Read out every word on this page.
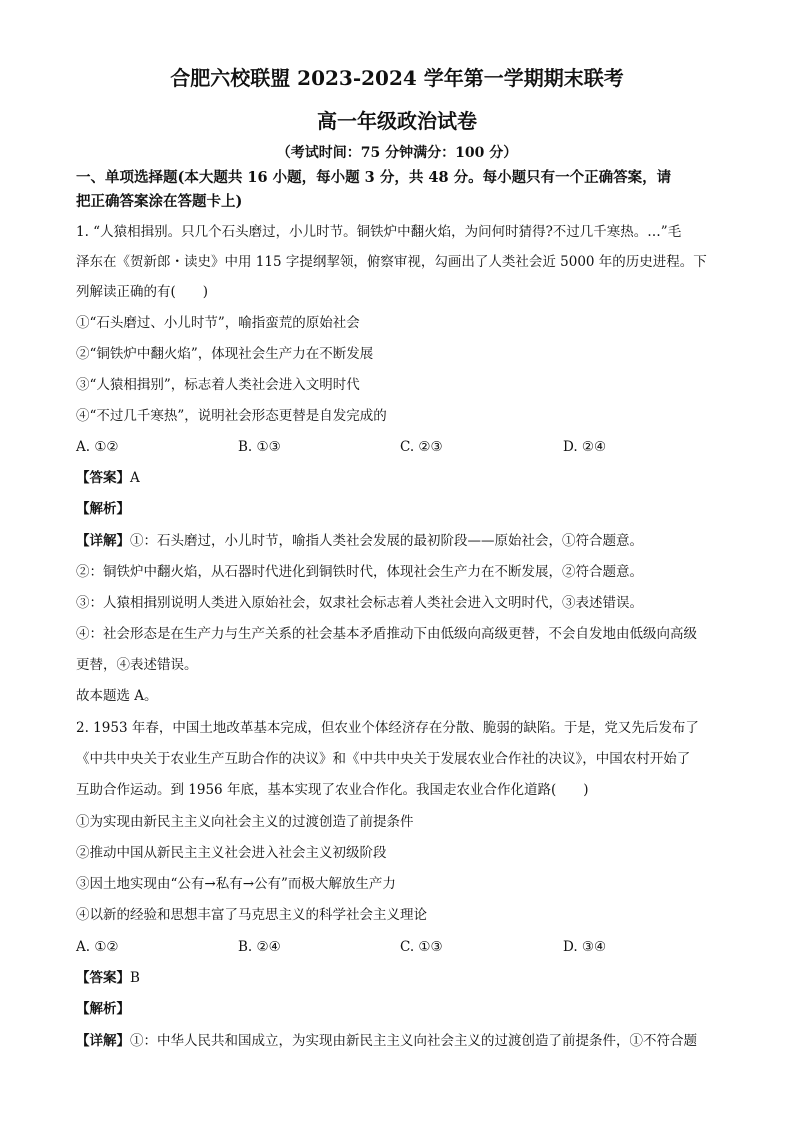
合肥六校联盟 2023-2024 学年第一学期期末联考
高一年级政治试卷
（考试时间：75 分钟满分：100 分）
一、单项选择题(本大题共 16 小题，每小题 3 分，共 48 分。每小题只有一个正确答案，请
把正确答案涂在答题卡上)
1. “人猿相揖别。只几个石头磨过，小儿时节。铜铁炉中翻火焰，为问何时猜得?不过几千寒热。…”毛
泽东在《贺新郎・读史》中用 115 字提纲挈领，俯察审视，勾画出了人类社会近 5000 年的历史进程。下
列解读正确的有(　　)
①“石头磨过、小儿时节”，喻指蛮荒的原始社会
②“铜铁炉中翻火焰”，体现社会生产力在不断发展
③“人猿相揖别”，标志着人类社会进入文明时代
④“不过几千寒热”，说明社会形态更替是自发完成的
A. ①②	B. ①③	C. ②③	D. ②④
【答案】A
【解析】
【详解】①：石头磨过，小儿时节，喻指人类社会发展的最初阶段——原始社会，①符合题意。
②：铜铁炉中翻火焰，从石器时代进化到铜铁时代，体现社会生产力在不断发展，②符合题意。
③：人猿相揖别说明人类进入原始社会，奴隶社会标志着人类社会进入文明时代，③表述错误。
④：社会形态是在生产力与生产关系的社会基本矛盾推动下由低级向高级更替，不会自发地由低级向高级
更替，④表述错误。
故本题选 A。
2. 1953 年春，中国土地改革基本完成，但农业个体经济存在分散、脆弱的缺陷。于是，党又先后发布了
《中共中央关于农业生产互助合作的决议》和《中共中央关于发展农业合作社的决议》，中国农村开始了
互助合作运动。到 1956 年底，基本实现了农业合作化。我国走农业合作化道路(　　)
①为实现由新民主主义向社会主义的过渡创造了前提条件
②推动中国从新民主主义社会进入社会主义初级阶段
③因土地实现由“公有→私有→公有”而极大解放生产力
④以新的经验和思想丰富了马克思主义的科学社会主义理论
A. ①②	B. ②④	C. ①③	D. ③④
【答案】B
【解析】
【详解】①：中华人民共和国成立，为实现由新民主主义向社会主义的过渡创造了前提条件，①不符合题
